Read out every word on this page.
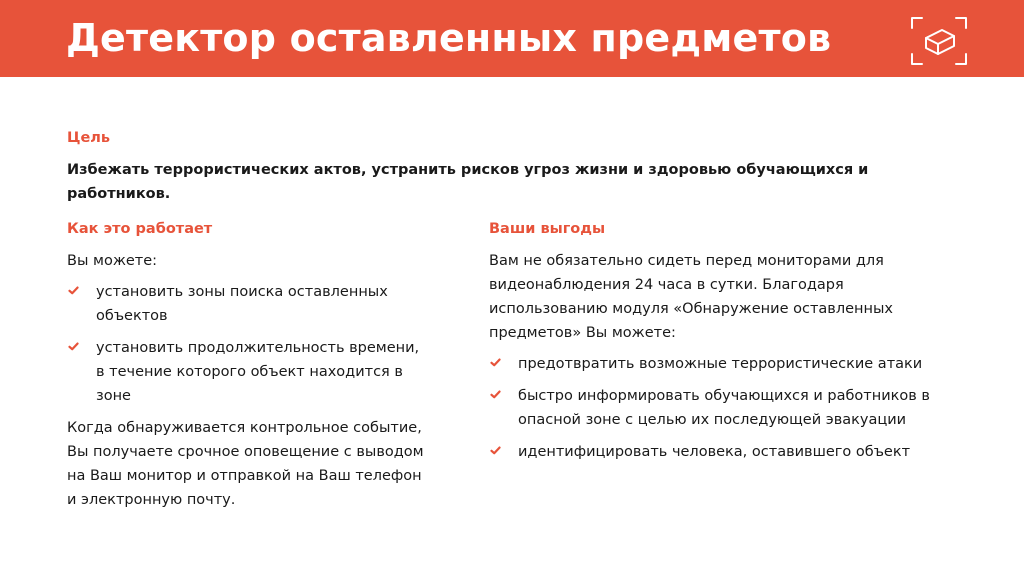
Детектор оставленных предметов

Цель

Избежать террористических актов, устранить рисков угроз жизни и здоровью обучающихся и работников.

Как это работает

Вы можете:

установить зоны поиска оставленных объектов
установить продолжительность времени, в течение которого объект находится в зоне

Когда обнаруживается контрольное событие, Вы получаете срочное оповещение с выводом на Ваш монитор и отправкой на Ваш телефон и электронную почту.

Ваши выгоды

Вам не обязательно сидеть перед мониторами для видеонаблюдения 24 часа в сутки. Благодаря использованию модуля «Обнаружение оставленных предметов» Вы можете:

предотвратить возможные террористические атаки
быстро информировать обучающихся и работников в опасной зоне с целью их последующей эвакуации
идентифицировать человека, оставившего объект
